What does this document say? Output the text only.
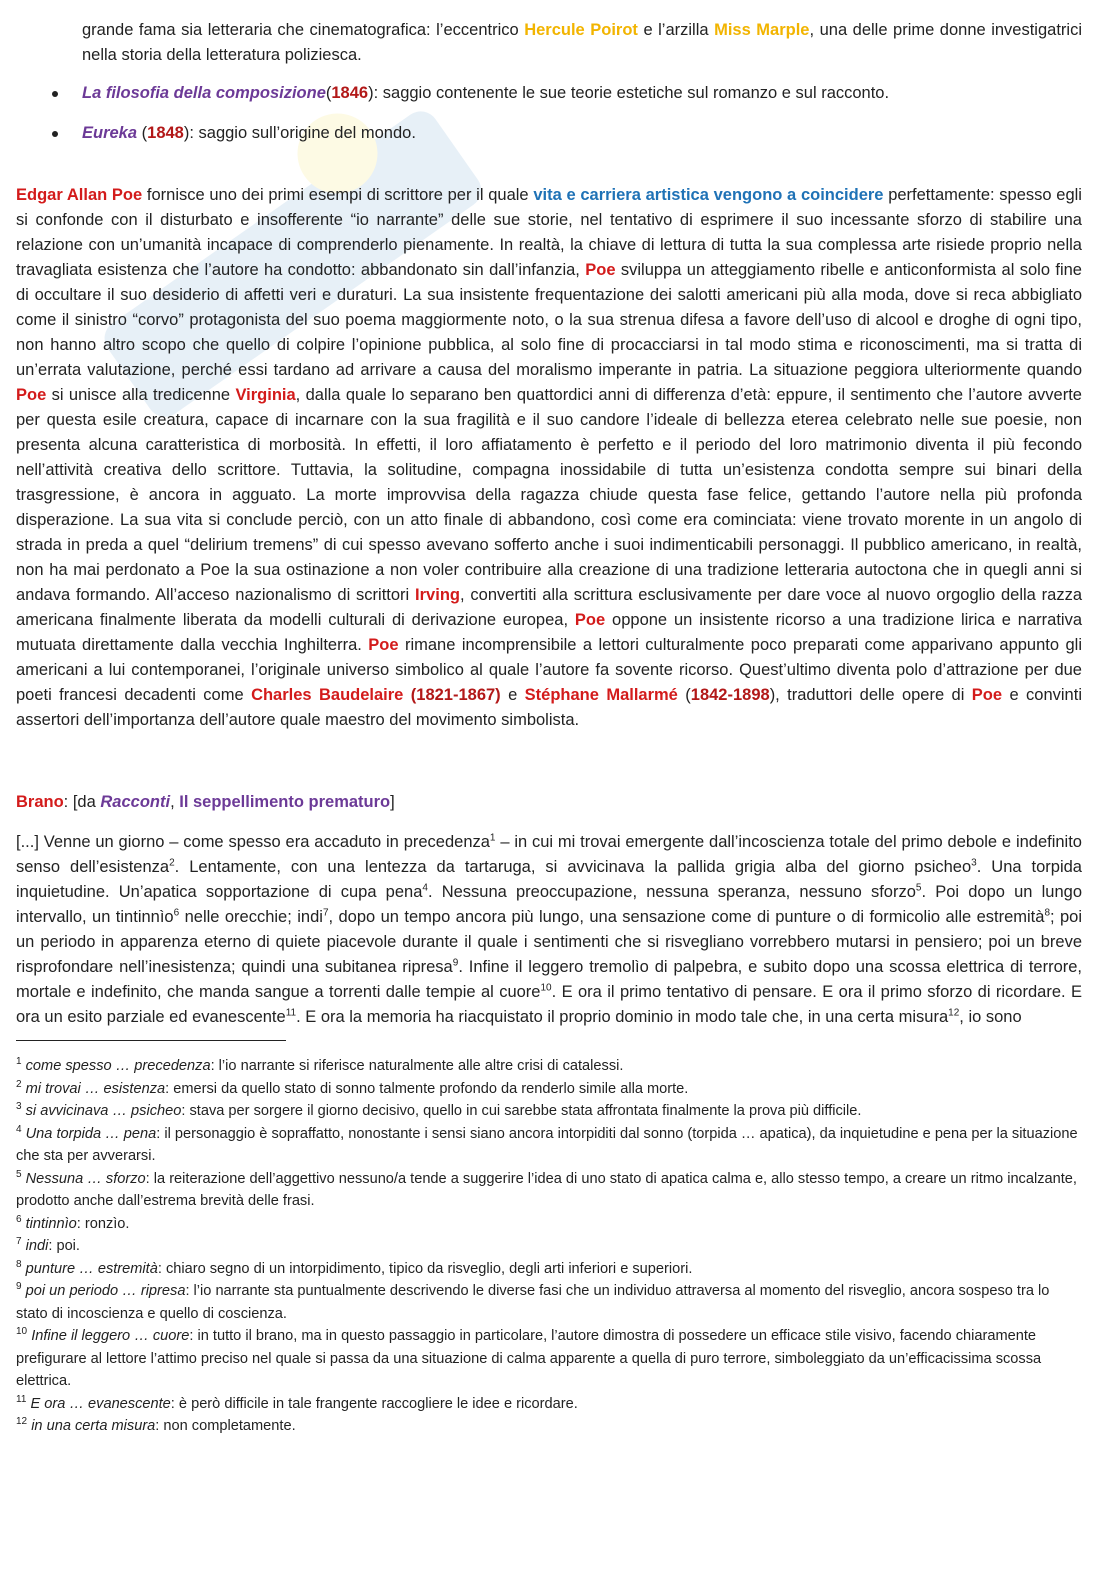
grande fama sia letteraria che cinematografica: l’eccentrico Hercule Poirot e l’arzilla Miss Marple, una delle prime donne investigatrici nella storia della letteratura poliziesca.
La filosofia della composizione(1846): saggio contenente le sue teorie estetiche sul romanzo e sul racconto.
Eureka (1848): saggio sull’origine del mondo.
Edgar Allan Poe fornisce uno dei primi esempi di scrittore per il quale vita e carriera artistica vengono a coincidere perfettamente: spesso egli si confonde con il disturbato e insofferente “io narrante” delle sue storie, nel tentativo di esprimere il suo incessante sforzo di stabilire una relazione con un’umanità incapace di comprenderlo pienamente. In realtà, la chiave di lettura di tutta la sua complessa arte risiede proprio nella travagliata esistenza che l’autore ha condotto: abbandonato sin dall’infanzia, Poe sviluppa un atteggiamento ribelle e anticonformista al solo fine di occultare il suo desiderio di affetti veri e duraturi. La sua insistente frequentazione dei salotti americani più alla moda, dove si reca abbigliato come il sinistro “corvo” protagonista del suo poema maggiormente noto, o la sua strenua difesa a favore dell’uso di alcool e droghe di ogni tipo, non hanno altro scopo che quello di colpire l’opinione pubblica, al solo fine di procacciarsi in tal modo stima e riconoscimenti, ma si tratta di un’errata valutazione, perché essi tardano ad arrivare a causa del moralismo imperante in patria. La situazione peggiora ulteriormente quando Poe si unisce alla tredicenne Virginia, dalla quale lo separano ben quattordici anni di differenza d’età: eppure, il sentimento che l’autore avverte per questa esile creatura, capace di incarnare con la sua fragilità e il suo candore l’ideale di bellezza eterea celebrato nelle sue poesie, non presenta alcuna caratteristica di morbosità. In effetti, il loro affiatamento è perfetto e il periodo del loro matrimonio diventa il più fecondo nell’attività creativa dello scrittore. Tuttavia, la solitudine, compagna inossidabile di tutta un’esistenza condotta sempre sui binari della trasgressione, è ancora in agguato. La morte improvvisa della ragazza chiude questa fase felice, gettando l’autore nella più profonda disperazione. La sua vita si conclude perciò, con un atto finale di abbandono, così come era cominciata: viene trovato morente in un angolo di strada in preda a quel “delirium tremens” di cui spesso avevano sofferto anche i suoi indimenticabili personaggi. Il pubblico americano, in realtà, non ha mai perdonato a Poe la sua ostinazione a non voler contribuire alla creazione di una tradizione letteraria autoctona che in quegli anni si andava formando. All’acceso nazionalismo di scrittori Irving, convertiti alla scrittura esclusivamente per dare voce al nuovo orgoglio della razza americana finalmente liberata da modelli culturali di derivazione europea, Poe oppone un insistente ricorso a una tradizione lirica e narrativa mutuata direttamente dalla vecchia Inghilterra. Poe rimane incomprensibile a lettori culturalmente poco preparati come apparivano appunto gli americani a lui contemporanei, l’originale universo simbolico al quale l’autore fa sovente ricorso. Quest’ultimo diventa polo d’attrazione per due poeti francesi decadenti come Charles Baudelaire (1821-1867) e Stéphane Mallarmé (1842-1898), traduttori delle opere di Poe e convinti assertori dell’importanza dell’autore quale maestro del movimento simbolista.
Brano: [da Racconti, Il seppellimento prematuro]
[...] Venne un giorno – come spesso era accaduto in precedenza$^1$ – in cui mi trovai emergente dall’incoscienza totale del primo debole e indefinito senso dell’esistenza$^2$. Lentamente, con una lentezza da tartaruga, si avvicinava la pallida grigia alba del giorno psicheo$^3$. Una torpida inquietudine. Un’apatica sopportazione di cupa pena$^4$. Nessuna preoccupazione, nessuna speranza, nessuno sforzo$^5$. Poi dopo un lungo intervallo, un tintinnìo$^6$ nelle orecchie; indi$^7$, dopo un tempo ancora più lungo, una sensazione come di punture o di formicolio alle estremità$^8$; poi un periodo in apparenza eterno di quiete piacevole durante il quale i sentimenti che si risvegliano vorrebbero mutarsi in pensiero; poi un breve risprofondare nell’inesistenza; quindi una subitanea ripresa$^9$. Infine il leggero tremolìo di palpebra, e subito dopo una scossa elettrica di terrore, mortale e indefinito, che manda sangue a torrenti dalle tempie al cuore$^{10}$. E ora il primo tentativo di pensare. E ora il primo sforzo di ricordare. E ora un esito parziale ed evanescente$^{11}$. E ora la memoria ha riacquistato il proprio dominio in modo tale che, in una certa misura$^{12}$, io sono

$^1$ come spesso … precedenza: l’io narrante si riferisce naturalmente alle altre crisi di catalessi.

$^2$ mi trovai … esistenza: emersi da quello stato di sonno talmente profondo da renderlo simile alla morte.

$^3$ si avvicinava … psicheo: stava per sorgere il giorno decisivo, quello in cui sarebbe stata affrontata finalmente la prova più difficile.

$^4$ Una torpida … pena: il personaggio è sopraffatto, nonostante i sensi siano ancora intorpiditi dal sonno (torpida … apatica), da inquietudine e pena per la situazione che sta per avverarsi.

$^5$ Nessuna … sforzo: la reiterazione dell’aggettivo nessuno/a tende a suggerire l’idea di uno stato di apatica calma e, allo stesso tempo, a creare un ritmo incalzante, prodotto anche dall’estrema brevità delle frasi.

$^6$ tintinnìo: ronzìo.

$^7$ indi: poi.

$^8$ punture … estremità: chiaro segno di un intorpidimento, tipico da risveglio, degli arti inferiori e superiori.

$^9$ poi un periodo … ripresa: l’io narrante sta puntualmente descrivendo le diverse fasi che un individuo attraversa al momento del risveglio, ancora sospeso tra lo stato di incoscienza e quello di coscienza.

$^{10}$ Infine il leggero … cuore: in tutto il brano, ma in questo passaggio in particolare, l’autore dimostra di possedere un efficace stile visivo, facendo chiaramente prefigurare al lettore l’attimo preciso nel quale si passa da una situazione di calma apparente a quella di puro terrore, simboleggiato da un’efficacissima scossa elettrica.

$^{11}$ E ora … evanescente: è però difficile in tale frangente raccogliere le idee e ricordare.

$^{12}$ in una certa misura: non completamente.
